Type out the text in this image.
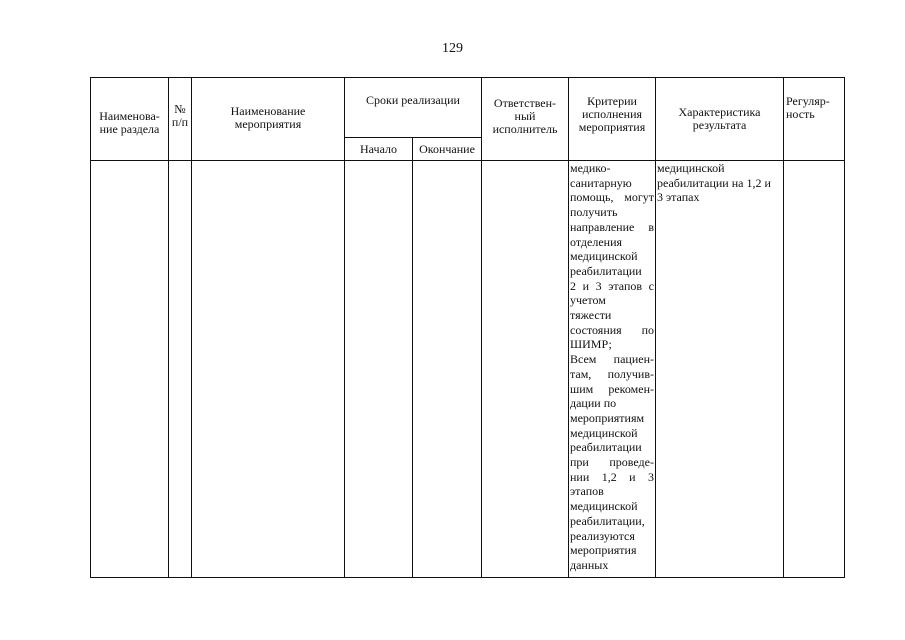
129
Наименова-
ние раздела
№
п/п
Наименование
мероприятия
Сроки реализации
Начало	Окончание
Ответствен-
ный
исполнитель
Критерии
исполнения
мероприятия
Характеристика
результата
Регуляр-
ность
медико-
санитарную
помощь, могут
получить
направление в
отделения
медицинской
реабилитации
2 и 3 этапов с
учетом
тяжести
состояния по
ШИМР;
Всем пациен-
там, получив-
шим рекомен-
дации по
мероприятиям
медицинской
реабилитации
при проведе-
нии 1,2 и 3
этапов
медицинской
реабилитации,
реализуются
мероприятия
данных
медицинской
реабилитации на 1,2 и
3 этапах
